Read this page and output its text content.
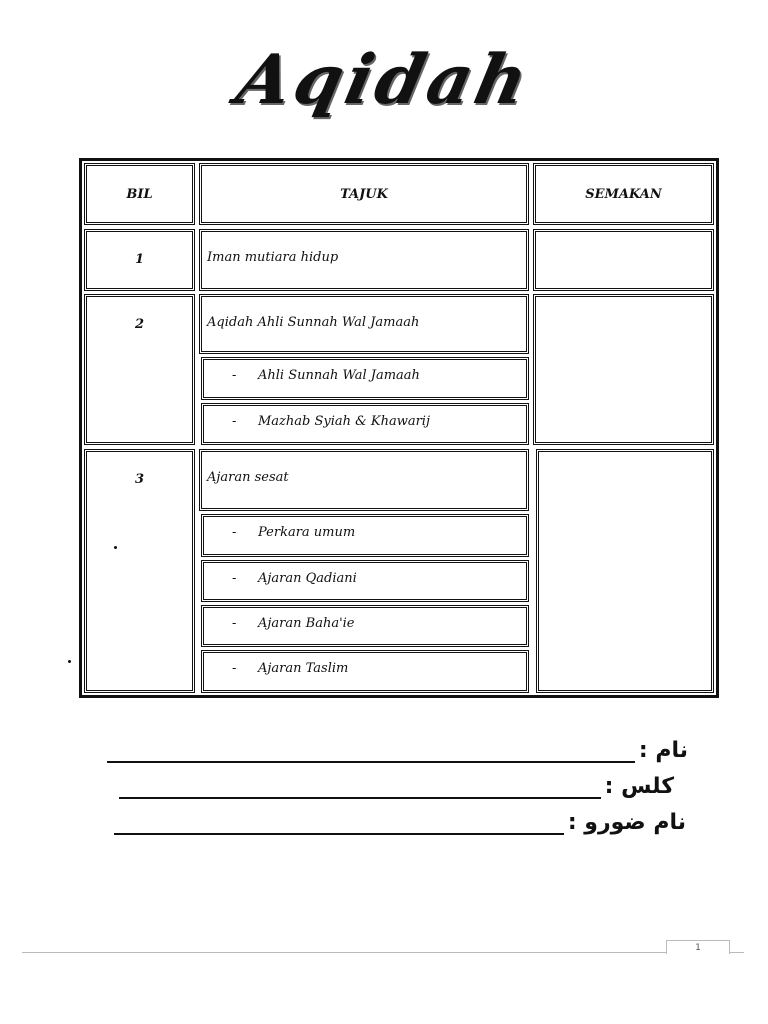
Aqidah
BIL	TAJUK	SEMAKAN
1	Iman mutiara hidup
2	Aqidah Ahli Sunnah Wal Jamaah
- Ahli Sunnah Wal Jamaah
- Mazhab Syiah & Khawarij
3	Ajaran sesat
- Perkara umum
- Ajaran Qadiani
- Ajaran Baha'ie
- Ajaran Taslim
نام :
كلس :
نام ضورو :
1
